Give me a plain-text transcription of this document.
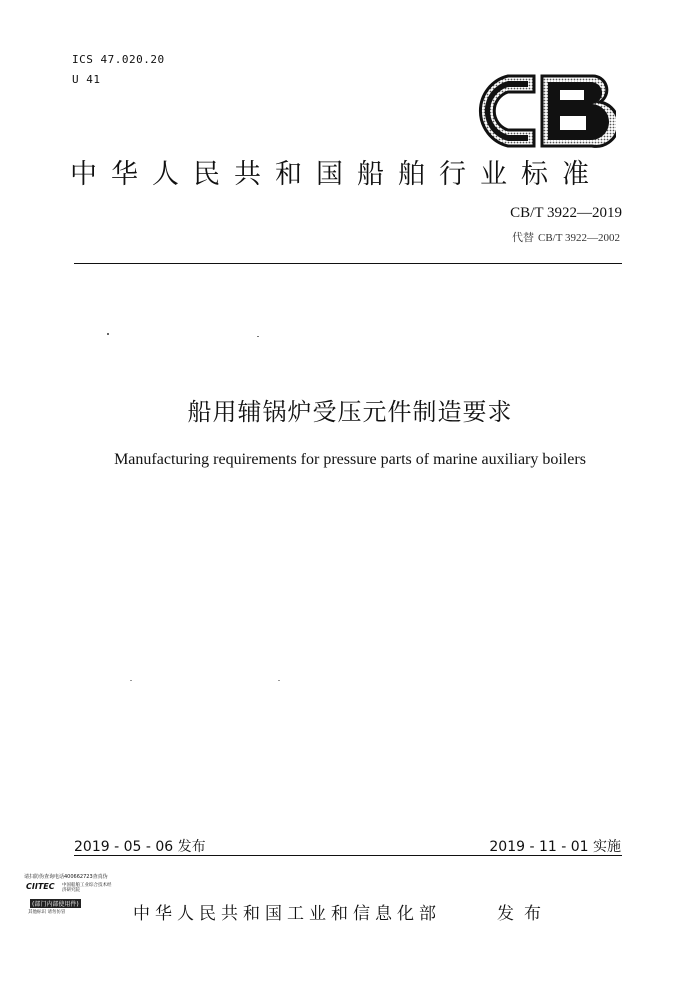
ICS 47.020.20
U 41
中华人民共和国船舶行业标准
CB/T 3922—2019
代替 CB/T 3922—2002
船用辅锅炉受压元件制造要求
Manufacturing requirements for pressure parts of marine auxiliary boilers
2019 - 05 - 06 发布	2019 - 11 - 01 实施
请扫防伪查询电话400662723查真伪
CIITEC 中国船舶工业综合技术经济研究院
(部门内部使用件)
其他标识 请勿仿冒	中华人民共和国工业和信息化部	发布
